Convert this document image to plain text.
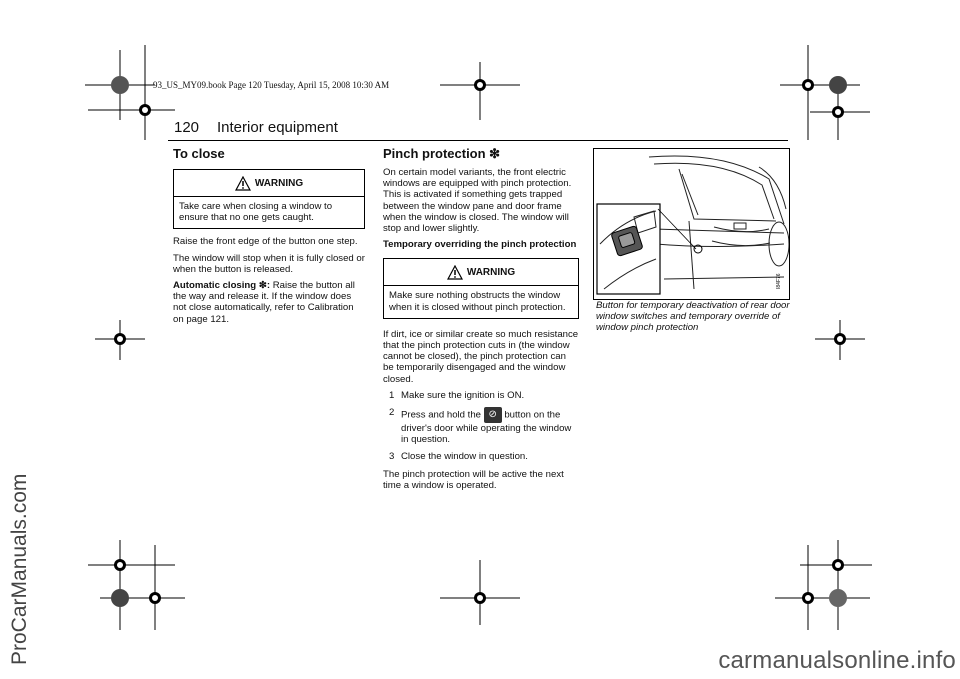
93_US_MY09.book Page 120 Tuesday, April 15, 2008 10:30 AM
ProCarManuals.com	carmanualsonline.info
120 Interior equipment
To close
WARNING
Take care when closing a window to ensure that no one gets caught.

Raise the front edge of the button one step.

The window will stop when it is fully closed or when the button is released.

Automatic closing ❇: Raise the button all the way and release it. If the window does not close automatically, refer to Calibration on page 121.

Pinch protection ❇

On certain model variants, the front electric windows are equipped with pinch protection. This is activated if something gets trapped between the window pane and door frame when the window is closed. The window will stop and lower slightly.

Temporary overriding the pinch protection

WARNING
Make sure nothing obstructs the window when it is closed without pinch protection.

If dirt, ice or similar create so much resistance that the pinch protection cuts in (the window cannot be closed), the pinch protection can be temporarily disengaged and the window closed.

1 Make sure the ignition is ON.
2 Press and hold the ⊘ button on the driver's door while operating the window in question.
3 Close the window in question.

The pinch protection will be active the next time a window is operated.

I84F76
Button for temporary deactivation of rear door window switches and temporary override of window pinch protection
